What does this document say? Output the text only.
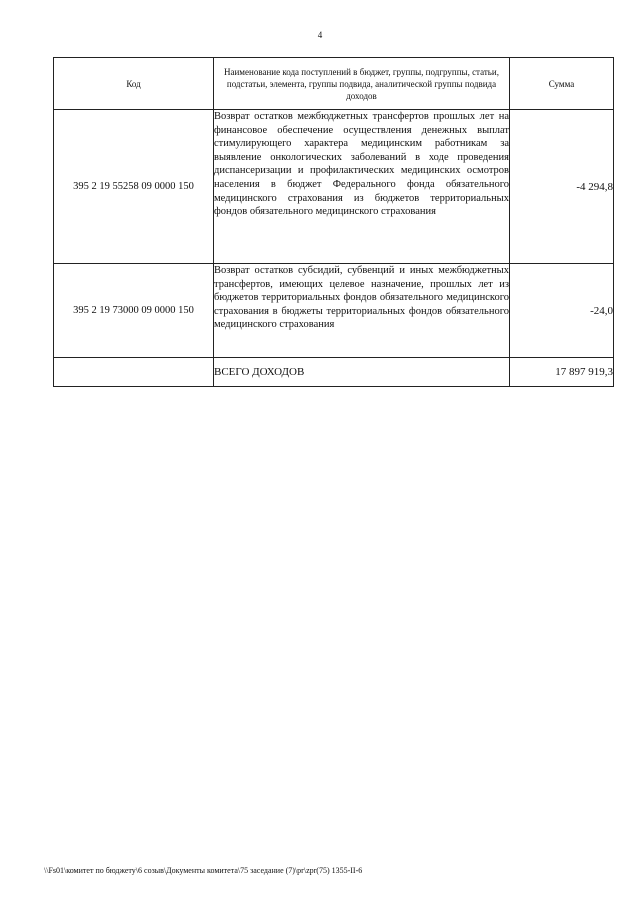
4
Код	Наименование кода поступлений в бюджет, группы, подгруппы, статьи, подстатьи, элемента, группы подвида, аналитической группы подвида доходов	Сумма
395 2 19 55258 09 0000 150	Возврат остатков межбюджетных трансфертов прошлых лет на финансовое обеспечение осуществления денежных выплат стимулирующего характера медицинским работникам за выявление онкологических заболеваний в ходе проведения диспансеризации и профилактических медицинских осмотров населения в бюджет Федерального фонда обязательного медицинского страхования из бюджетов территориальных фондов обязательного медицинского страхования	-4 294,8
395 2 19 73000 09 0000 150	Возврат остатков субсидий, субвенций и иных межбюджетных трансфертов, имеющих целевое назначение, прошлых лет из бюджетов территориальных фондов обязательного медицинского страхования в бюджеты территориальных фондов обязательного медицинского страхования	-24,0
	ВСЕГО ДОХОДОВ	17 897 919,3
\\Fs01\комитет по бюджету\6 созыв\Документы комитета\75 заседание (7)\pr\zpr(75) 1355-II-6
